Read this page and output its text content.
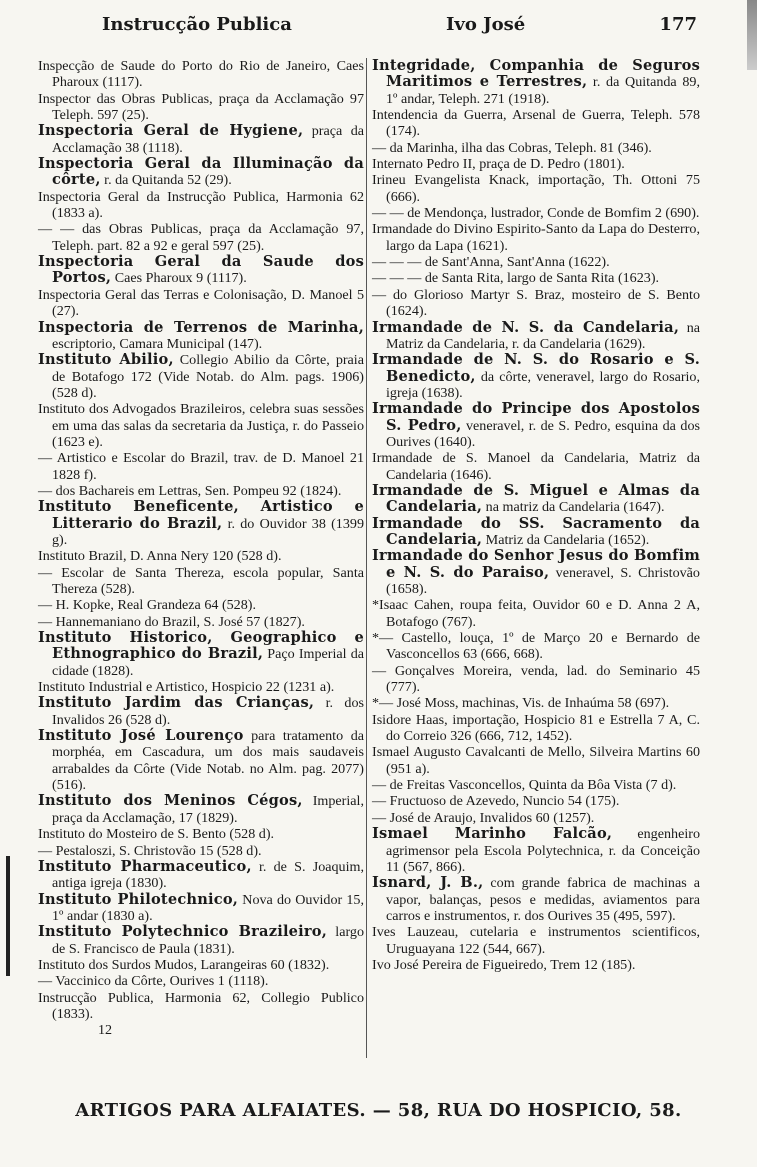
Instrucção Publica	Ivo José	177
Inspecção de Saude do Porto do Rio de Janeiro, Caes Pharoux (1117).
Inspector das Obras Publicas, praça da Acclamação 97 Teleph. 597 (25).
Inspectoria Geral de Hygiene, praça da Acclamação 38 (1118).
Inspectoria Geral da Illuminação da côrte, r. da Quitanda 52 (29).
Inspectoria Geral da Instrucção Publica, Harmonia 62 (1833 a).
— — das Obras Publicas, praça da Acclamação 97, Teleph. part. 82 a 92 e geral 597 (25).
Inspectoria Geral da Saude dos Portos, Caes Pharoux 9 (1117).
Inspectoria Geral das Terras e Colonisação, D. Manoel 5 (27).
Inspectoria de Terrenos de Marinha, escriptorio, Camara Municipal (147).
Instituto Abilio, Collegio Abilio da Côrte, praia de Botafogo 172 (Vide Notab. do Alm. pags. 1906) (528 d).
Instituto dos Advogados Brazileiros, celebra suas sessões em uma das salas da secretaria da Justiça, r. do Passeio (1623 e).
— Artistico e Escolar do Brazil, trav. de D. Manoel 21 1828 f).
— dos Bachareis em Lettras, Sen. Pompeu 92 (1824).
Instituto Beneficente, Artistico e Litterario do Brazil, r. do Ouvidor 38 (1399 g).
Instituto Brazil, D. Anna Nery 120 (528 d).
— Escolar de Santa Thereza, escola popular, Santa Thereza (528).
— H. Kopke, Real Grandeza 64 (528).
— Hannemaniano do Brazil, S. José 57 (1827).
Instituto Historico, Geographico e Ethnographico do Brazil, Paço Imperial da cidade (1828).
Instituto Industrial e Artistico, Hospicio 22 (1231 a).
Instituto Jardim das Crianças, r. dos Invalidos 26 (528 d).
Instituto José Lourenço para tratamento da morphéa, em Cascadura, um dos mais saudaveis arrabaldes da Côrte (Vide Notab. no Alm. pag. 2077) (516).
Instituto dos Meninos Cégos, Imperial, praça da Acclamação, 17 (1829).
Instituto do Mosteiro de S. Bento (528 d).
— Pestaloszi, S. Christovão 15 (528 d).
Instituto Pharmaceutico, r. de S. Joaquim, antiga igreja (1830).
Instituto Philotechnico, Nova do Ouvidor 15, 1º andar (1830 a).
Instituto Polytechnico Brazileiro, largo de S. Francisco de Paula (1831).
Instituto dos Surdos Mudos, Larangeiras 60 (1832).
— Vaccinico da Côrte, Ourives 1 (1118).
Instrucção Publica, Harmonia 62, Collegio Publico (1833).
12
Integridade, Companhia de Seguros Maritimos e Terrestres, r. da Quitanda 89, 1º andar, Teleph. 271 (1918).
Intendencia da Guerra, Arsenal de Guerra, Teleph. 578 (174).
— da Marinha, ilha das Cobras, Teleph. 81 (346).
Internato Pedro II, praça de D. Pedro (1801).
Irineu Evangelista Knack, importação, Th. Ottoni 75 (666).
— — de Mendonça, lustrador, Conde de Bomfim 2 (690).
Irmandade do Divino Espirito-Santo da Lapa do Desterro, largo da Lapa (1621).
— — — de Sant'Anna, Sant'Anna (1622).
— — — de Santa Rita, largo de Santa Rita (1623).
— do Glorioso Martyr S. Braz, mosteiro de S. Bento (1624).
Irmandade de N. S. da Candelaria, na Matriz da Candelaria, r. da Candelaria (1629).
Irmandade de N. S. do Rosario e S. Benedicto, da côrte, veneravel, largo do Rosario, igreja (1638).
Irmandade do Principe dos Apostolos S. Pedro, veneravel, r. de S. Pedro, esquina da dos Ourives (1640).
Irmandade de S. Manoel da Candelaria, Matriz da Candelaria (1646).
Irmandade de S. Miguel e Almas da Candelaria, na matriz da Candelaria (1647).
Irmandade do SS. Sacramento da Candelaria, Matriz da Candelaria (1652).
Irmandade do Senhor Jesus do Bomfim e N. S. do Paraiso, veneravel, S. Christovão (1658).
*Isaac Cahen, roupa feita, Ouvidor 60 e D. Anna 2 A, Botafogo (767).
*— Castello, louça, 1º de Março 20 e Bernardo de Vasconcellos 63 (666, 668).
— Gonçalves Moreira, venda, lad. do Seminario 45 (777).
*— José Moss, machinas, Vis. de Inhaúma 58 (697).
Isidore Haas, importação, Hospicio 81 e Estrella 7 A, C. do Correio 326 (666, 712, 1452).
Ismael Augusto Cavalcanti de Mello, Silveira Martins 60 (951 a).
— de Freitas Vasconcellos, Quinta da Bôa Vista (7 d).
— Fructuoso de Azevedo, Nuncio 54 (175).
— José de Araujo, Invalidos 60 (1257).
Ismael Marinho Falcão, engenheiro agrimensor pela Escola Polytechnica, r. da Conceição 11 (567, 866).
Isnard, J. B., com grande fabrica de machinas a vapor, balanças, pesos e medidas, aviamentos para carros e instrumentos, r. dos Ourives 35 (495, 597).
Ives Lauzeau, cutelaria e instrumentos scientificos, Uruguayana 122 (544, 667).
Ivo José Pereira de Figueiredo, Trem 12 (185).
ARTIGOS PARA ALFAIATES. — 58, RUA DO HOSPICIO, 58.
